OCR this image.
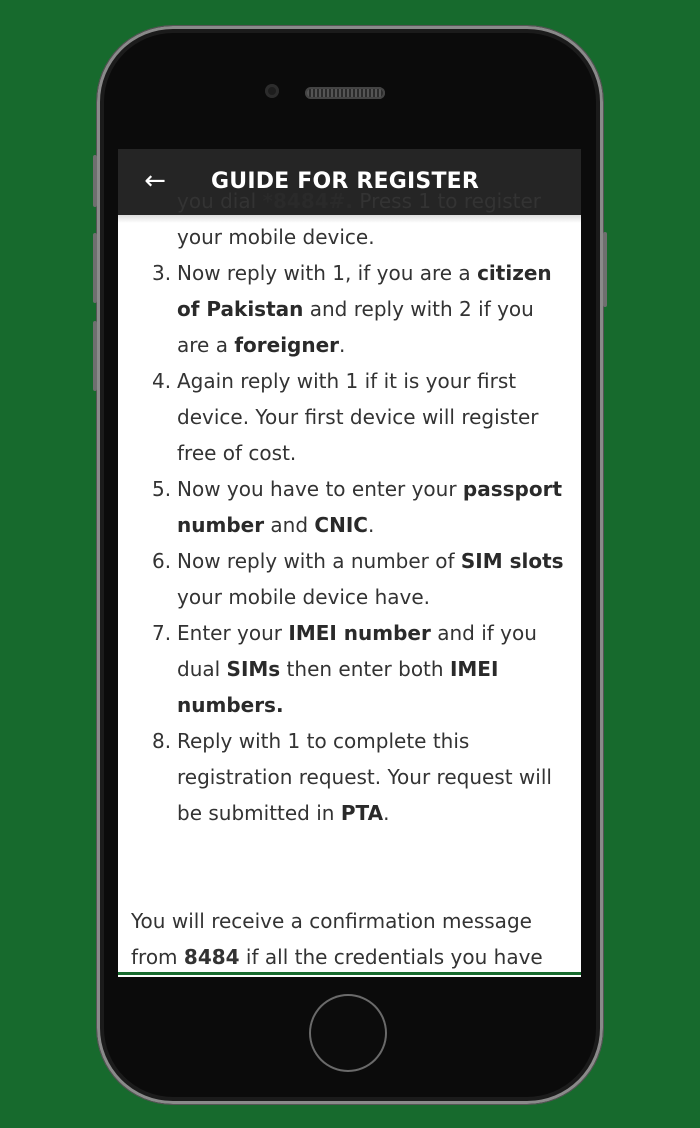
← GUIDE FOR REGISTER
you dial *8484#. Press 1 to register your mobile device.
3. Now reply with 1, if you are a citizen of Pakistan and reply with 2 if you are a foreigner.
4. Again reply with 1 if it is your first device. Your first device will register free of cost.
5. Now you have to enter your passport number and CNIC.
6. Now reply with a number of SIM slots your mobile device have.
7. Enter your IMEI number and if you dual SIMs then enter both IMEI numbers.
8. Reply with 1 to complete this registration request. Your request will be submitted in PTA.

You will receive a confirmation message from 8484 if all the credentials you have
